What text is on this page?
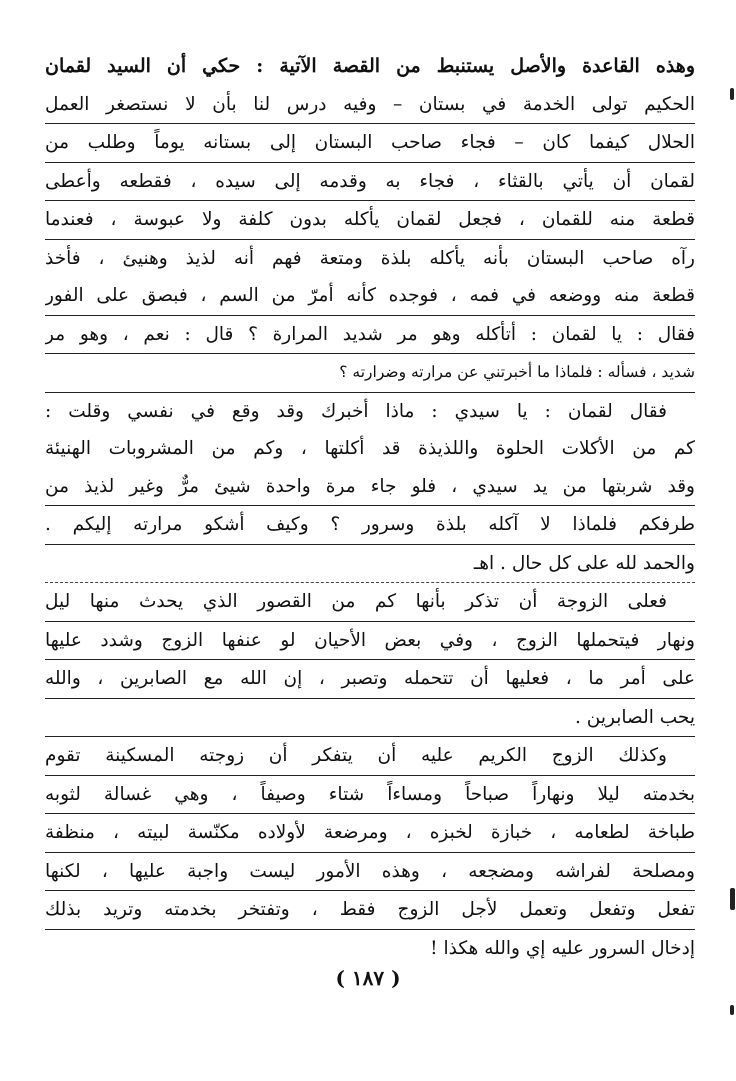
وهذه القاعدة والأصل يستنبط من القصة الآتية : حكي أن السيد لقمان
الحكيم تولى الخدمة في بستان – وفيه درس لنا بأن لا نستصغر العمل
الحلال كيفما كان – فجاء صاحب البستان إلى بستانه يوماً وطلب من
لقمان أن يأتي بالقثاء ، فجاء به وقدمه إلى سيده ، فقطعه وأعطى
قطعة منه للقمان ، فجعل لقمان يأكله بدون كلفة ولا عبوسة ، فعندما
رآه صاحب البستان بأنه يأكله بلذة ومتعة فهم أنه لذيذ وهنيئ ، فأخذ
قطعة منه ووضعه في فمه ، فوجده كأنه أمرّ من السم ، فبصق على الفور
فقال : يا لقمان : أتأكله وهو مر شديد المرارة ؟ قال : نعم ، وهو مر
شديد ، فسأله : فلماذا ما أخبرتني عن مرارته وضرارته ؟
فقال لقمان : يا سيدي : ماذا أخبرك وقد وقع في نفسي وقلت :
كم من الأكلات الحلوة واللذيذة قد أكلتها ، وكم من المشروبات الهنيئة
وقد شربتها من يد سيدي ، فلو جاء مرة واحدة شيئ مرٌّ وغير لذيذ من
طرفكم فلماذا لا آكله بلذة وسرور ؟ وكيف أشكو مرارته إليكم .
والحمد لله على كل حال . اهـ
فعلى الزوجة أن تذكر بأنها كم من القصور الذي يحدث منها ليل
ونهار فيتحملها الزوج ، وفي بعض الأحيان لو عنفها الزوج وشدد عليها
على أمر ما ، فعليها أن تتحمله وتصبر ، إن الله مع الصابرين ، والله
يحب الصابرين .
وكذلك الزوج الكريم عليه أن يتفكر أن زوجته المسكينة تقوم
بخدمته ليلا ونهاراً صباحاً ومساءاً شتاء وصيفاً ، وهي غسالة لثوبه
طباخة لطعامه ، خبازة لخبزه ، ومرضعة لأولاده مكنّسة لبيته ، منظفة
ومصلحة لفراشه ومضجعه ، وهذه الأمور ليست واجبة عليها ، لكنها
تفعل وتفعل وتعمل لأجل الزوج فقط ، وتفتخر بخدمته وتريد بذلك
إدخال السرور عليه إي والله هكذا !
( ١٨٧ )
